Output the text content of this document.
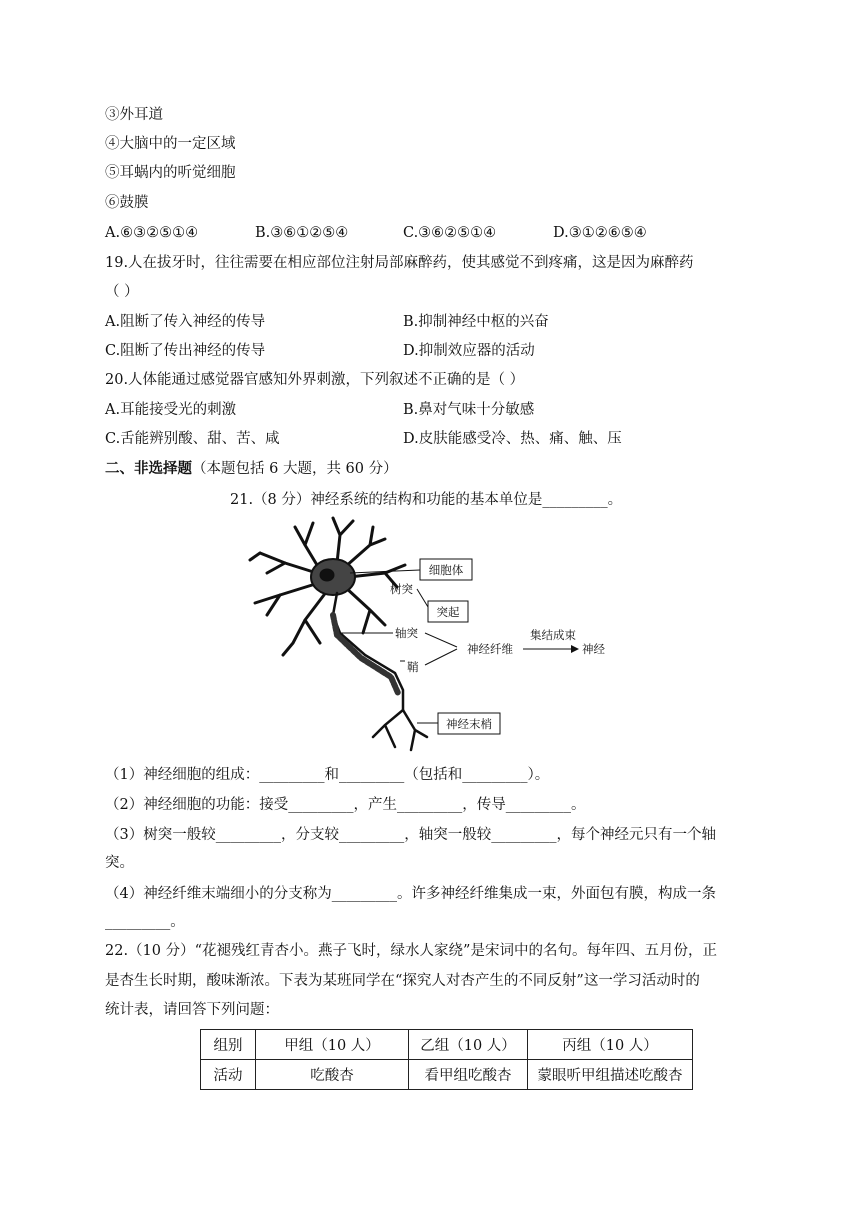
③外耳道
④大脑中的一定区域
⑤耳蜗内的听觉细胞
⑥鼓膜
A.⑥③②⑤①④	B.③⑥①②⑤④	C.③⑥②⑤①④	D.③①②⑥⑤④
19.人在拔牙时，往往需要在相应部位注射局部麻醉药，使其感觉不到疼痛，这是因为麻醉药
（ ）
A.阻断了传入神经的传导	B.抑制神经中枢的兴奋
C.阻断了传出神经的传导	D.抑制效应器的活动
20.人体能通过感觉器官感知外界刺激，下列叙述不正确的是（ ）
A.耳能接受光的刺激	B.鼻对气味十分敏感
C.舌能辨别酸、甜、苦、咸	D.皮肤能感受冷、热、痛、触、压
二、非选择题（本题包括 6 大题，共 60 分）
21.（8 分）神经系统的结构和功能的基本单位是_________。
细胞体
树突
突起
轴突
鞘
神经纤维
集结成束
神经
神经末梢
（1）神经细胞的组成：_________和_________（包括和_________）。
（2）神经细胞的功能：接受_________，产生_________，传导_________。
（3）树突一般较_________，分支较_________，轴突一般较_________，每个神经元只有一个轴
突。
（4）神经纤维末端细小的分支称为_________。许多神经纤维集成一束，外面包有膜，构成一条
_________。
22.（10 分）“花褪残红青杏小。燕子飞时，绿水人家绕”是宋词中的名句。每年四、五月份，正
是杏生长时期，酸味渐浓。下表为某班同学在“探究人对杏产生的不同反射”这一学习活动时的
统计表，请回答下列问题：
组别	甲组（10 人）	乙组（10 人）	丙组（10 人）
活动	吃酸杏	看甲组吃酸杏	蒙眼听甲组描述吃酸杏
